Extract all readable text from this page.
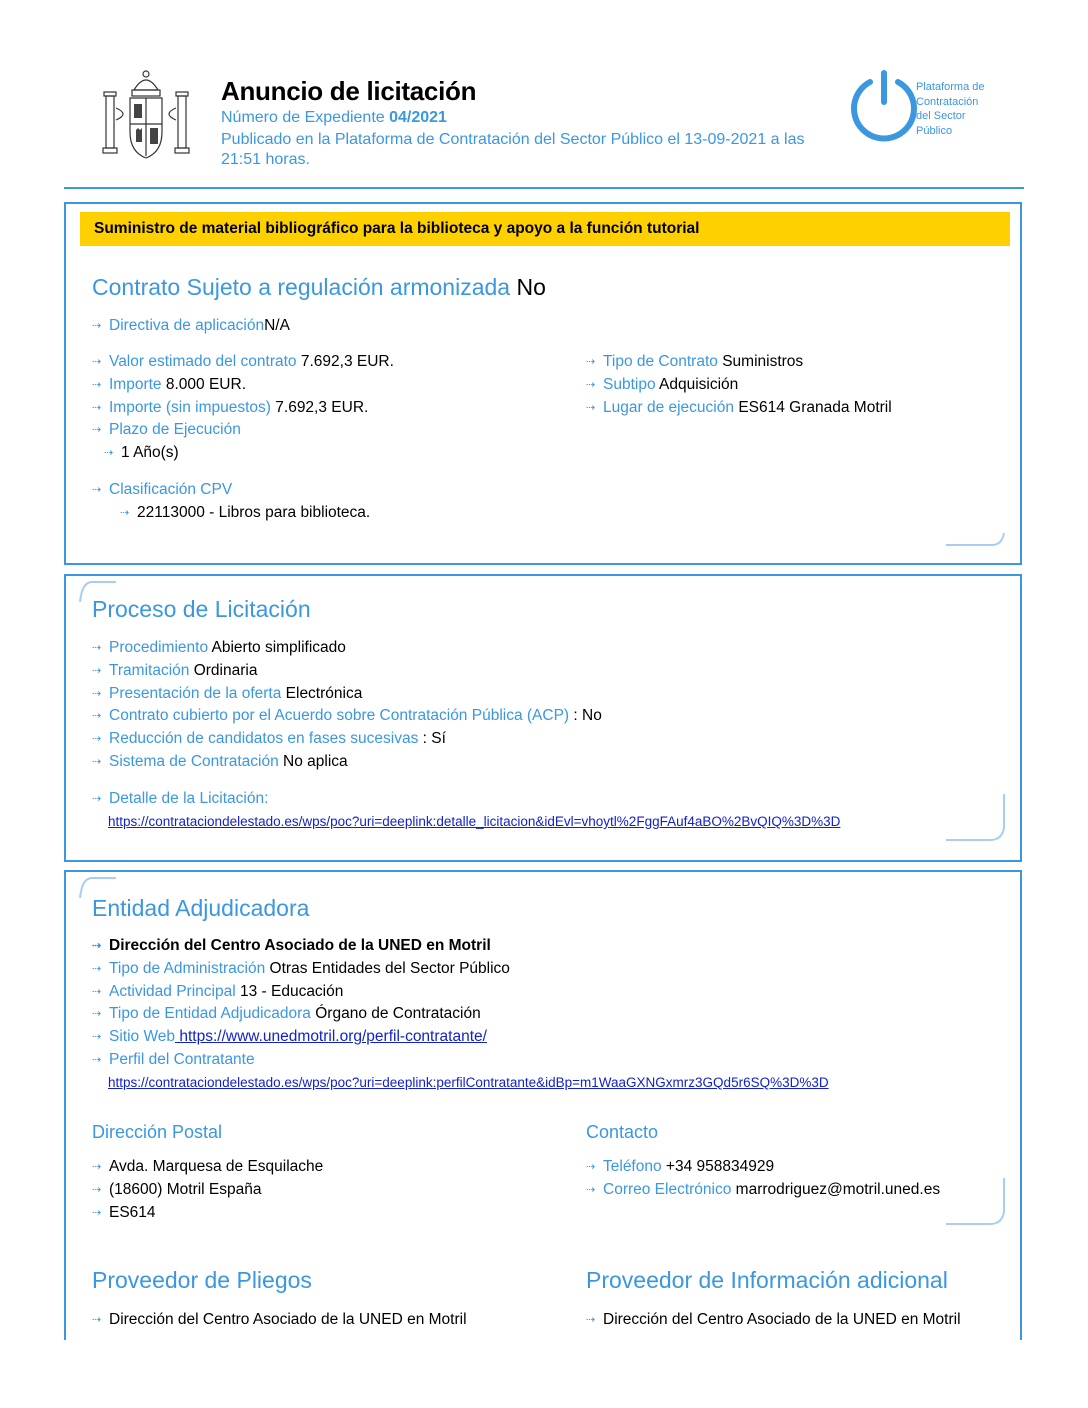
Anuncio de licitación
Número de Expediente 04/2021
Publicado en la Plataforma de Contratación del Sector Público el 13-09-2021 a las 21:51 horas.
Plataforma de
Contratación
del Sector
Público
Suministro de material bibliográfico para la biblioteca y apoyo a la función tutorial
Contrato Sujeto a regulación armonizada No
⇢ Directiva de aplicaciónN/A
⇢ Valor estimado del contrato 7.692,3 EUR.
⇢ Importe 8.000 EUR.
⇢ Importe (sin impuestos) 7.692,3 EUR.
⇢ Plazo de Ejecución
⇢ 1 Año(s)
⇢ Tipo de Contrato Suministros
⇢ Subtipo Adquisición
⇢ Lugar de ejecución ES614 Granada Motril
⇢ Clasificación CPV
⇢ 22113000 - Libros para biblioteca.
Proceso de Licitación
⇢ Procedimiento Abierto simplificado
⇢ Tramitación Ordinaria
⇢ Presentación de la oferta Electrónica
⇢ Contrato cubierto por el Acuerdo sobre Contratación Pública (ACP) : No
⇢ Reducción de candidatos en fases sucesivas : Sí
⇢ Sistema de Contratación No aplica
⇢ Detalle de la Licitación:
https://contrataciondelestado.es/wps/poc?uri=deeplink:detalle_licitacion&idEvl=vhoytl%2FggFAuf4aBO%2BvQIQ%3D%3D
Entidad Adjudicadora
⇢ Dirección del Centro Asociado de la UNED en Motril
⇢ Tipo de Administración Otras Entidades del Sector Público
⇢ Actividad Principal 13 - Educación
⇢ Tipo de Entidad Adjudicadora Órgano de Contratación
⇢ Sitio Web https://www.unedmotril.org/perfil-contratante/
⇢ Perfil del Contratante
https://contrataciondelestado.es/wps/poc?uri=deeplink:perfilContratante&idBp=m1WaaGXNGxmrz3GQd5r6SQ%3D%3D
Dirección Postal
⇢ Avda. Marquesa de Esquilache
⇢ (18600) Motril España
⇢ ES614
Contacto
⇢ Teléfono +34 958834929
⇢ Correo Electrónico marrodriguez@motril.uned.es
Proveedor de Pliegos
⇢ Dirección del Centro Asociado de la UNED en Motril
Proveedor de Información adicional
⇢ Dirección del Centro Asociado de la UNED en Motril
